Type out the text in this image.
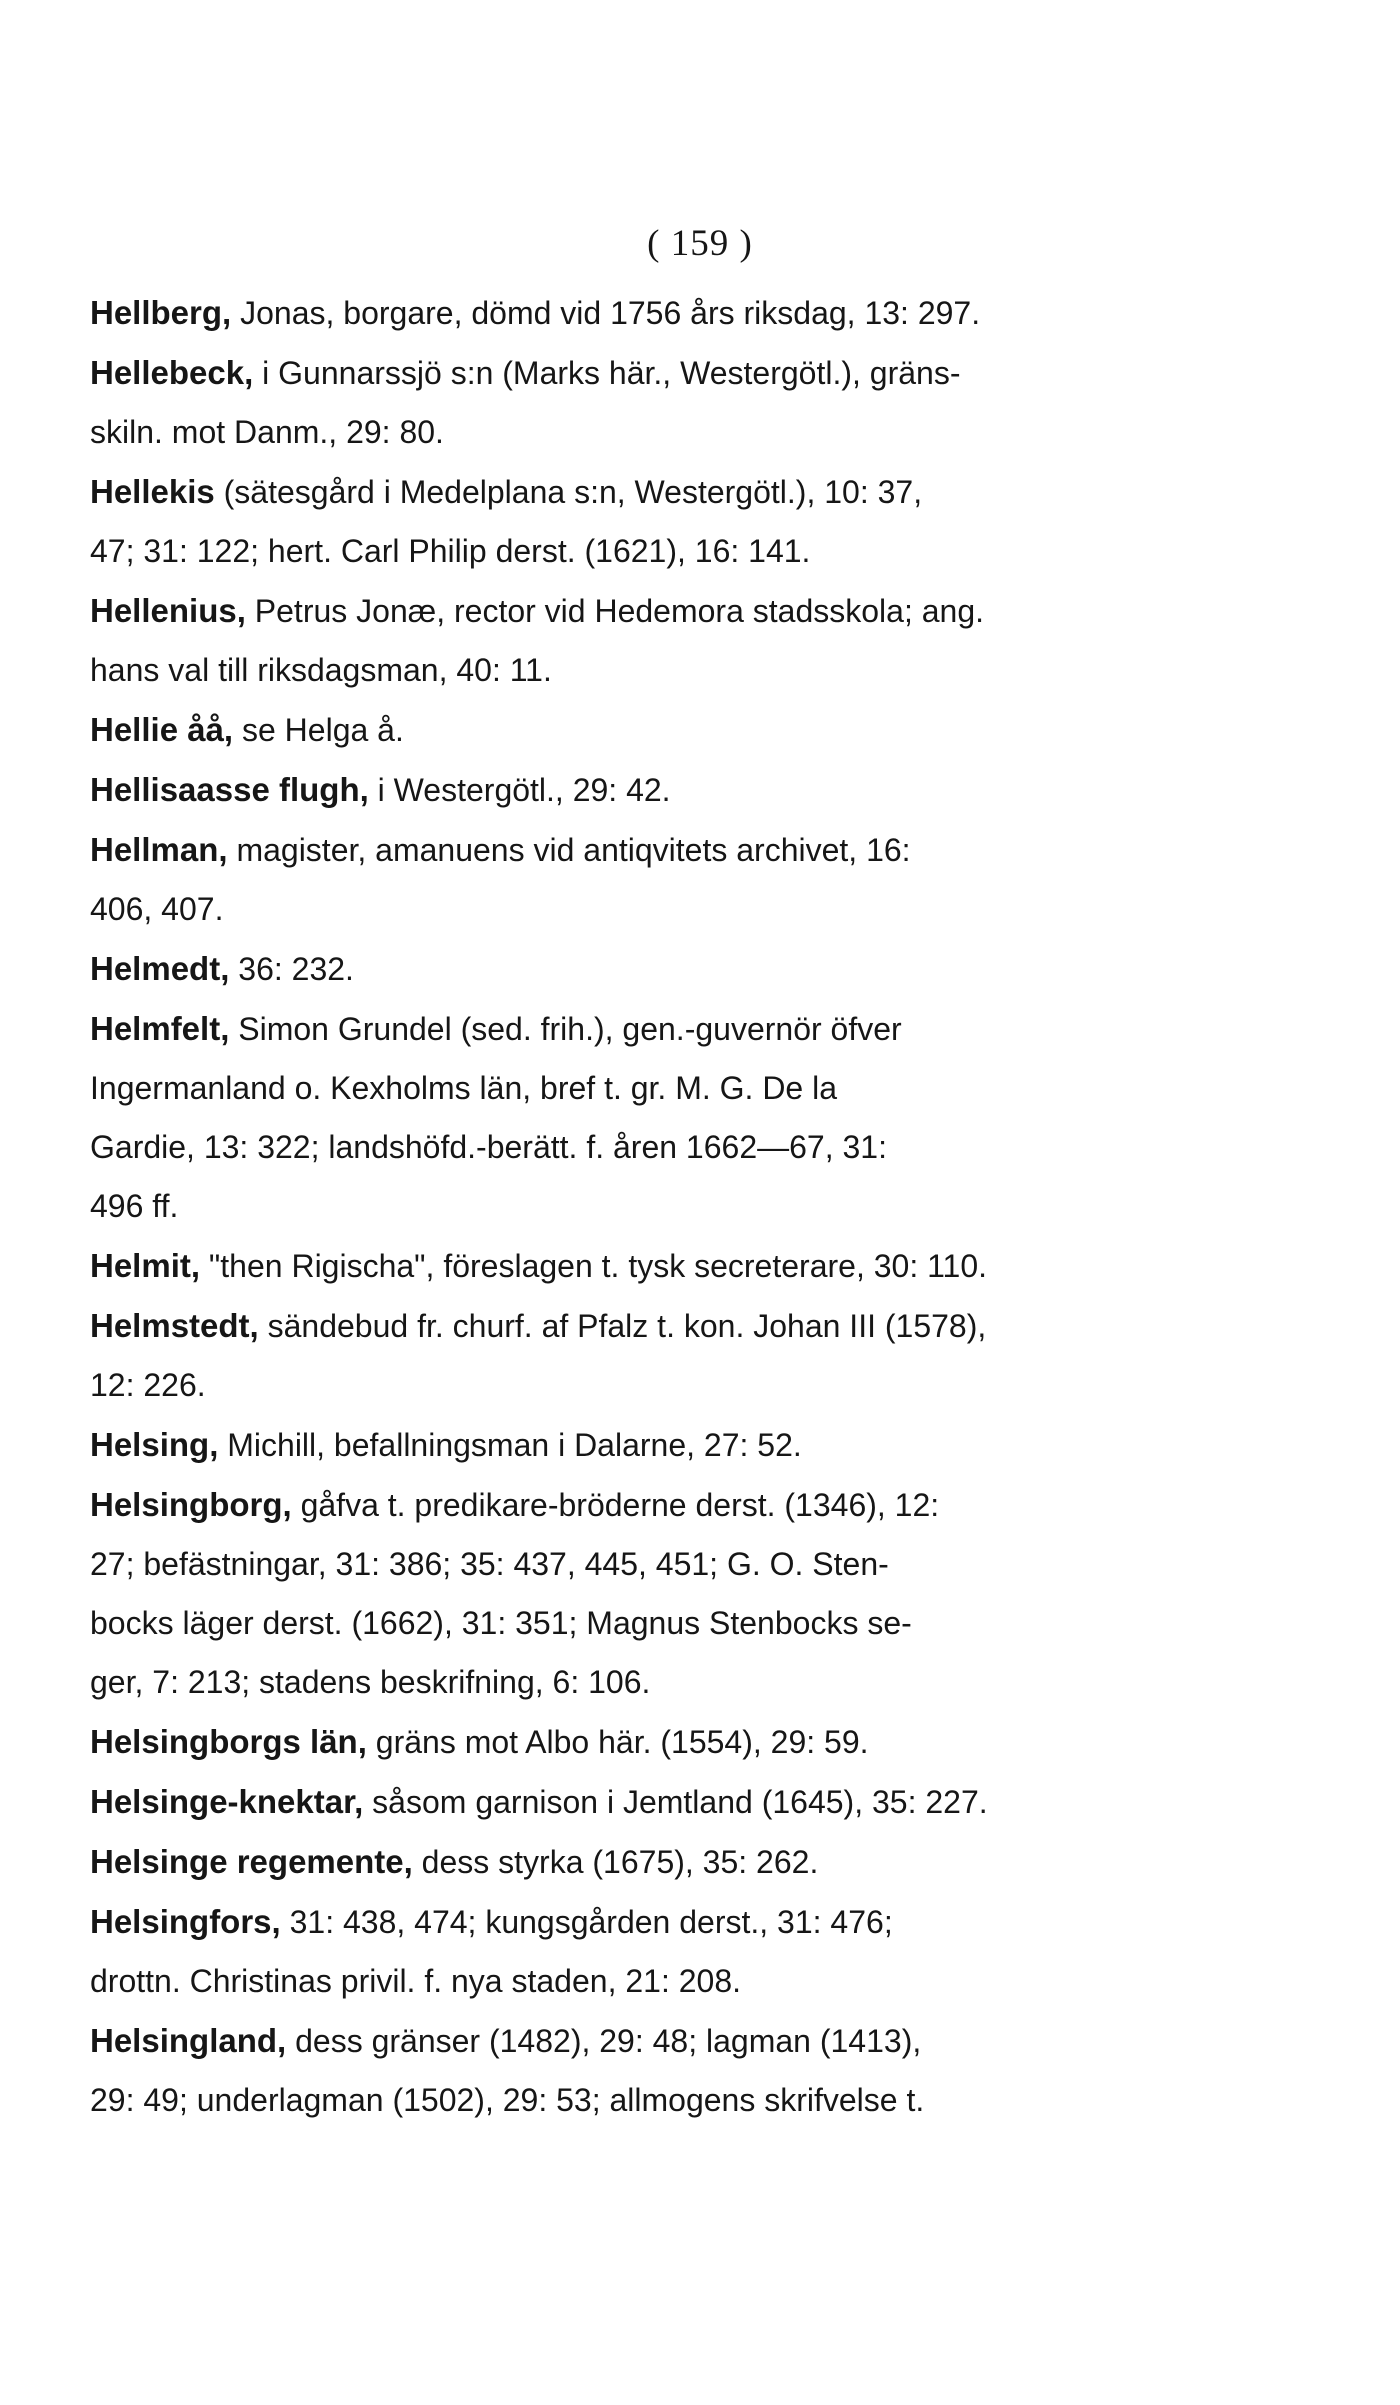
( 159 )

Hellberg, Jonas, borgare, dömd vid 1756 års riksdag, 13: 297.

Hellebeck, i Gunnarssjö s:n (Marks här., Westergötl.), gräns-
skiln. mot Danm., 29: 80.

Hellekis (sätesgård i Medelplana s:n, Westergötl.), 10: 37,
47; 31: 122; hert. Carl Philip derst. (1621), 16: 141.

Hellenius, Petrus Jonæ, rector vid Hedemora stadsskola; ang.
hans val till riksdagsman, 40: 11.

Hellie åå, se Helga å.

Hellisaasse flugh, i Westergötl., 29: 42.

Hellman, magister, amanuens vid antiqvitets archivet, 16:
406, 407.

Helmedt, 36: 232.

Helmfelt, Simon Grundel (sed. frih.), gen.-guvernör öfver
Ingermanland o. Kexholms län, bref t. gr. M. G. De la
Gardie, 13: 322; landshöfd.-berätt. f. åren 1662—67, 31:
496 ff.

Helmit, "then Rigischa", föreslagen t. tysk secreterare, 30: 110.

Helmstedt, sändebud fr. churf. af Pfalz t. kon. Johan III (1578),
12: 226.

Helsing, Michill, befallningsman i Dalarne, 27: 52.

Helsingborg, gåfva t. predikare-bröderne derst. (1346), 12:
27; befästningar, 31: 386; 35: 437, 445, 451; G. O. Sten-
bocks läger derst. (1662), 31: 351; Magnus Stenbocks se-
ger, 7: 213; stadens beskrifning, 6: 106.

Helsingborgs län, gräns mot Albo här. (1554), 29: 59.

Helsinge-knektar, såsom garnison i Jemtland (1645), 35: 227.

Helsinge regemente, dess styrka (1675), 35: 262.

Helsingfors, 31: 438, 474; kungsgården derst., 31: 476;
drottn. Christinas privil. f. nya staden, 21: 208.

Helsingland, dess gränser (1482), 29: 48; lagman (1413),
29: 49; underlagman (1502), 29: 53; allmogens skrifvelse t.
